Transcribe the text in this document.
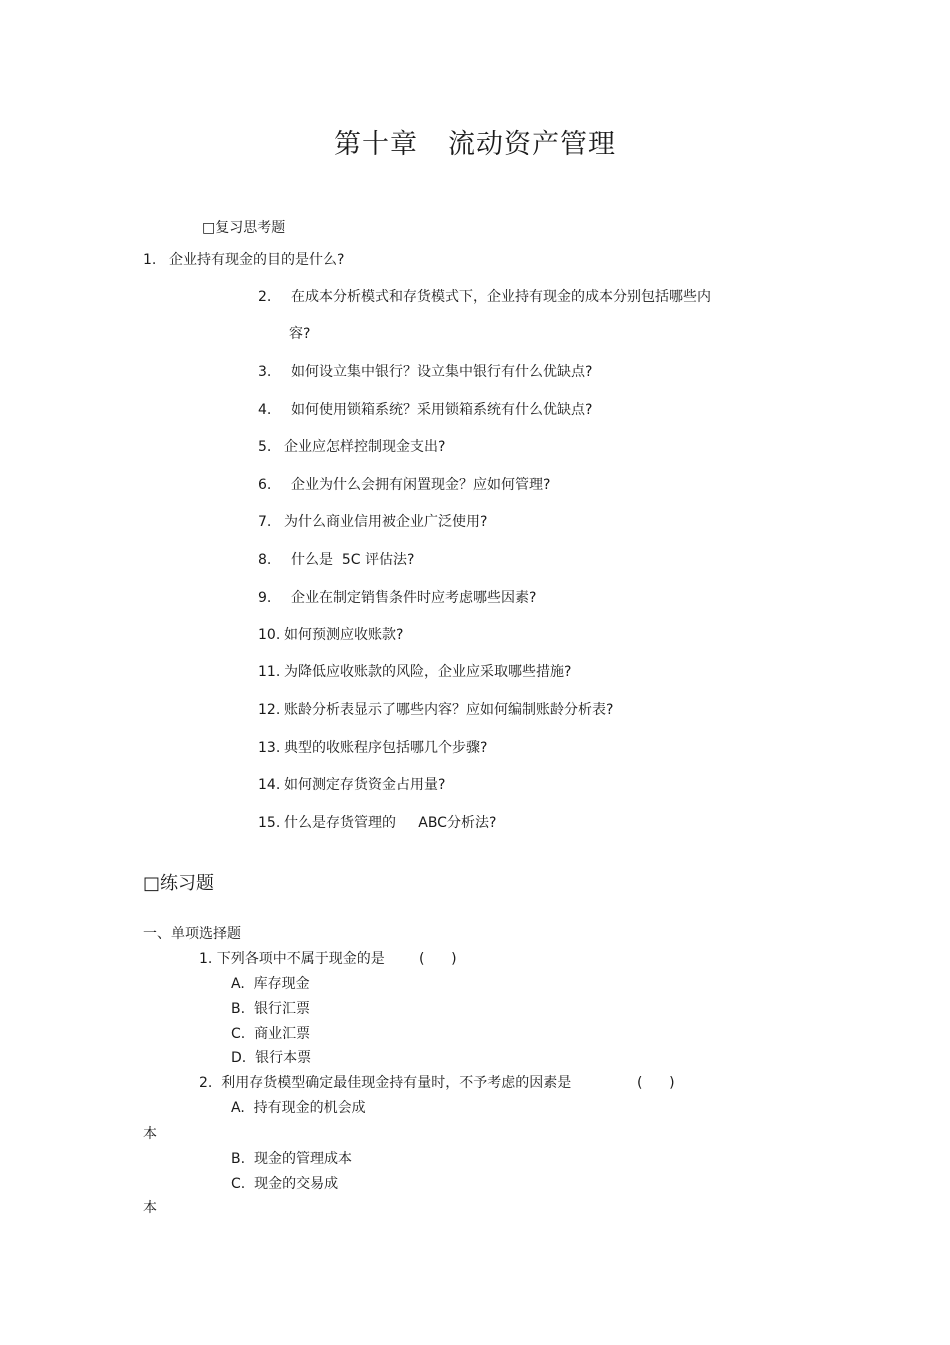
第十章 流动资产管理
□复习思考题
1. 企业持有现金的目的是什么?
2. 在成本分析模式和存货模式下，企业持有现金的成本分别包括哪些内
容?
3. 如何设立集中银行？设立集中银行有什么优缺点?
4. 如何使用锁箱系统？采用锁箱系统有什么优缺点?
5. 企业应怎样控制现金支出?
6. 企业为什么会拥有闲置现金？应如何管理?
7. 为什么商业信用被企业广泛使用?
8. 什么是  5C 评估法?
9. 企业在制定销售条件时应考虑哪些因素?
10. 如何预测应收账款?
11. 为降低应收账款的风险，企业应采取哪些措施?
12. 账龄分析表显示了哪些内容？应如何编制账龄分析表?
13. 典型的收账程序包括哪几个步骤?
14. 如何测定存货资金占用量?
15. 什么是存货管理的     ABC分析法?
□练习题
一、单项选择题
1. 下列各项中不属于现金的是 (      )
A.  库存现金
B.  银行汇票
C.  商业汇票
D.  银行本票
2.  利用存货模型确定最佳现金持有量时，不予考虑的因素是	(      )
A.  持有现金的机会成
本
B.  现金的管理成本
C.  现金的交易成
本
